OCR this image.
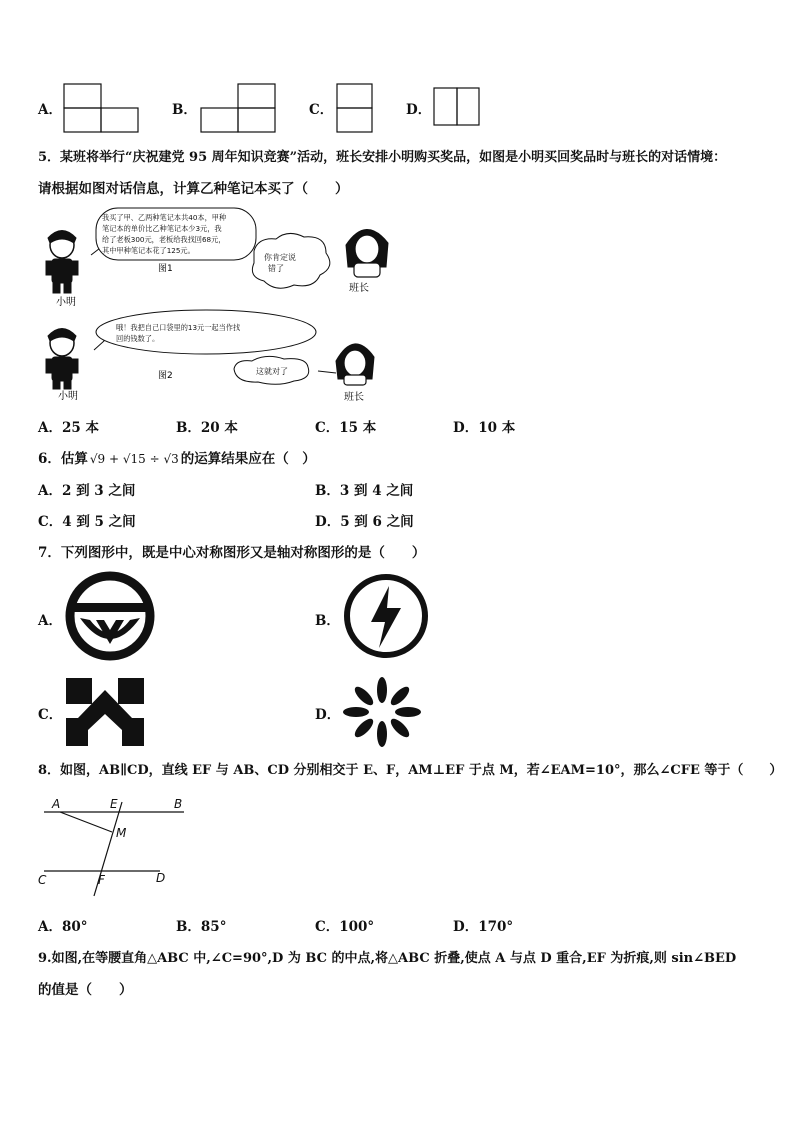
A．	B．	C．	D．
5．某班将举行“庆祝建党 95 周年知识竞赛”活动，班长安排小明购买奖品，如图是小明买回奖品时与班长的对话情境：
请根据如图对话信息，计算乙种笔记本买了（　　）
小明
我买了甲、乙两种笔记本共40本，甲种 笔记本的单价比乙种笔记本少3元，我 给了老板300元，老板给我找回68元， 其中甲种笔记本花了125元。
图1
你肯定说 错了
班长
小明
哦！我把自己口袋里的13元一起当作找 回的钱数了。
图2	这就对了
班长
A．25 本	B．20 本	C．15 本	D．10 本
6．估算 √9 + √15 ÷ √3 的运算结果应在（　）
A．2 到 3 之间	B．3 到 4 之间
C．4 到 5 之间	D．5 到 6 之间
7．下列图形中，既是中心对称图形又是轴对称图形的是（　　）
A．	B．
C．	D．
8．如图，AB∥CD，直线 EF 与 AB、CD 分别相交于 E、F，AM⊥EF 于点 M，若∠EAM=10°，那么∠CFE 等于（　　）
A	E	B
M
C	F	D
A．80°	B．85°	C．100°	D．170°
9.如图,在等腰直角△ABC 中,∠C=90°,D 为 BC 的中点,将△ABC 折叠,使点 A 与点 D 重合,EF 为折痕,则 sin∠BED
的值是（　　）
